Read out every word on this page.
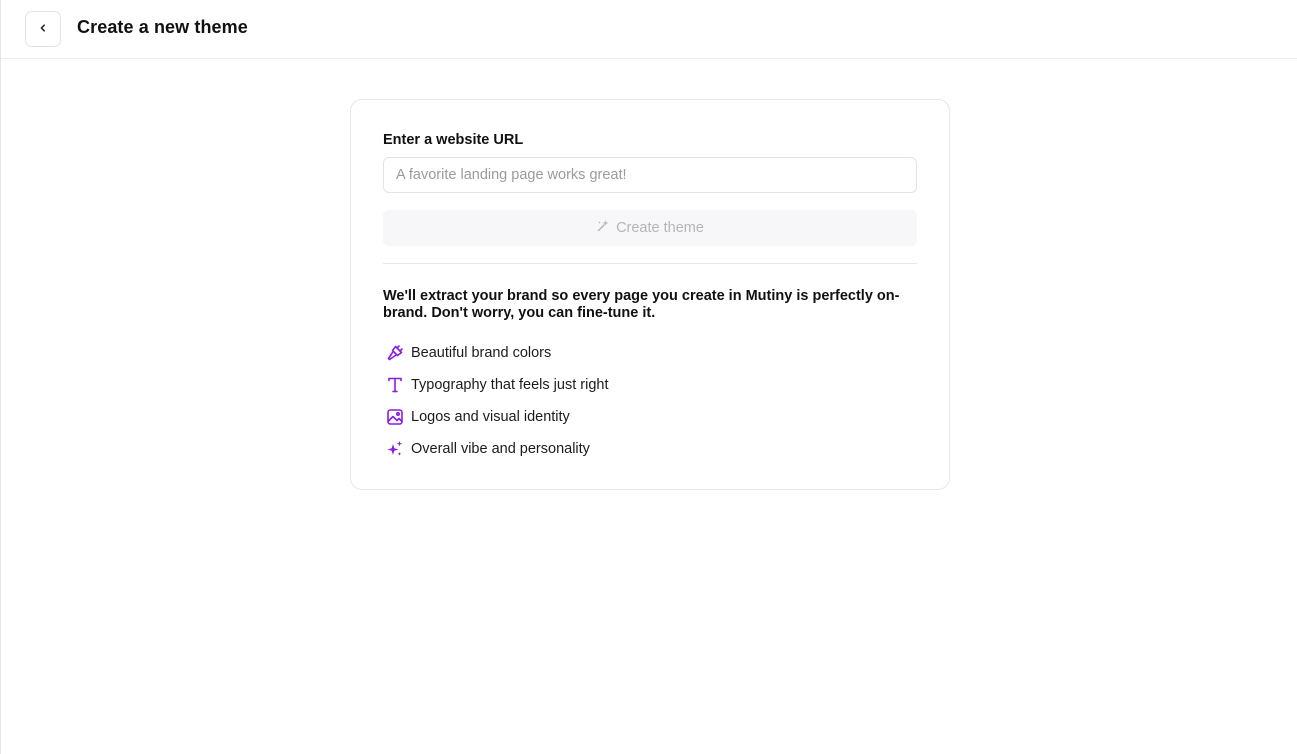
Create a new theme
Enter a website URL
A favorite landing page works great!
Create theme

We'll extract your brand so every page you create in Mutiny is perfectly on-brand. Don't worry, you can fine-tune it.

Beautiful brand colors
Typography that feels just right
Logos and visual identity
Overall vibe and personality
